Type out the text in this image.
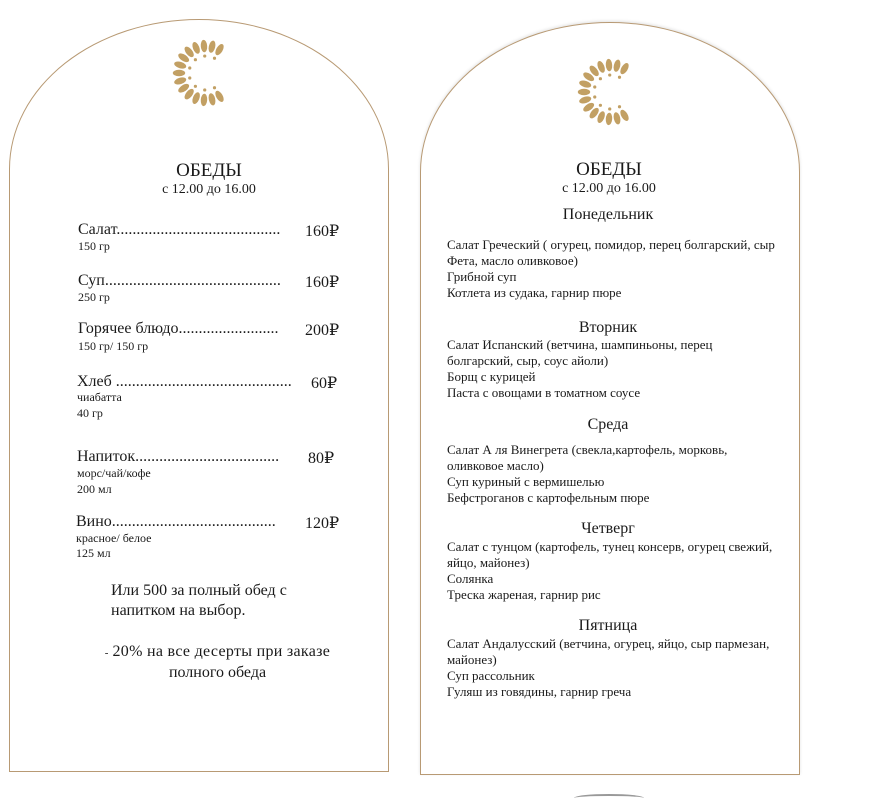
ОБЕДЫ
с 12.00 до 16.00
Салат......................................... 160₽
150 гр
Суп............................................ 160₽
250 гр
Горячее блюдо......................... 200₽
150 гр/ 150 гр
Хлеб ............................................ 60₽
чиабатта
40 гр
Напиток.................................... 80₽
морс/чай/кофе
200 мл
Вино......................................... 120₽
красное/ белое
125 мл
Или 500 за полный обед с
напитком на выбор.
- 20% на все десерты при заказе
полного обеда
ОБЕДЫ
с 12.00 до 16.00
Понедельник
Салат Греческий ( огурец, помидор, перец болгарский, сыр Фета, масло оливковое)
Грибной суп
Котлета из судака, гарнир пюре
Вторник
Салат Испанский (ветчина, шампиньоны, перец болгарский, сыр, соус айоли)
Борщ с курицей
Паста с овощами в томатном соусе
Среда
Салат А ля Винегрета (свекла,картофель, морковь, оливковое масло)
Суп куриный с вермишелью
Бефстроганов с картофельным пюре
Четверг
Салат с тунцом (картофель, тунец консерв, огурец свежий, яйцо, майонез)
Солянка
Треска жареная, гарнир рис
Пятница
Салат Андалусский (ветчина, огурец, яйцо, сыр пармезан, майонез)
Суп рассольник
Гуляш из говядины, гарнир греча
